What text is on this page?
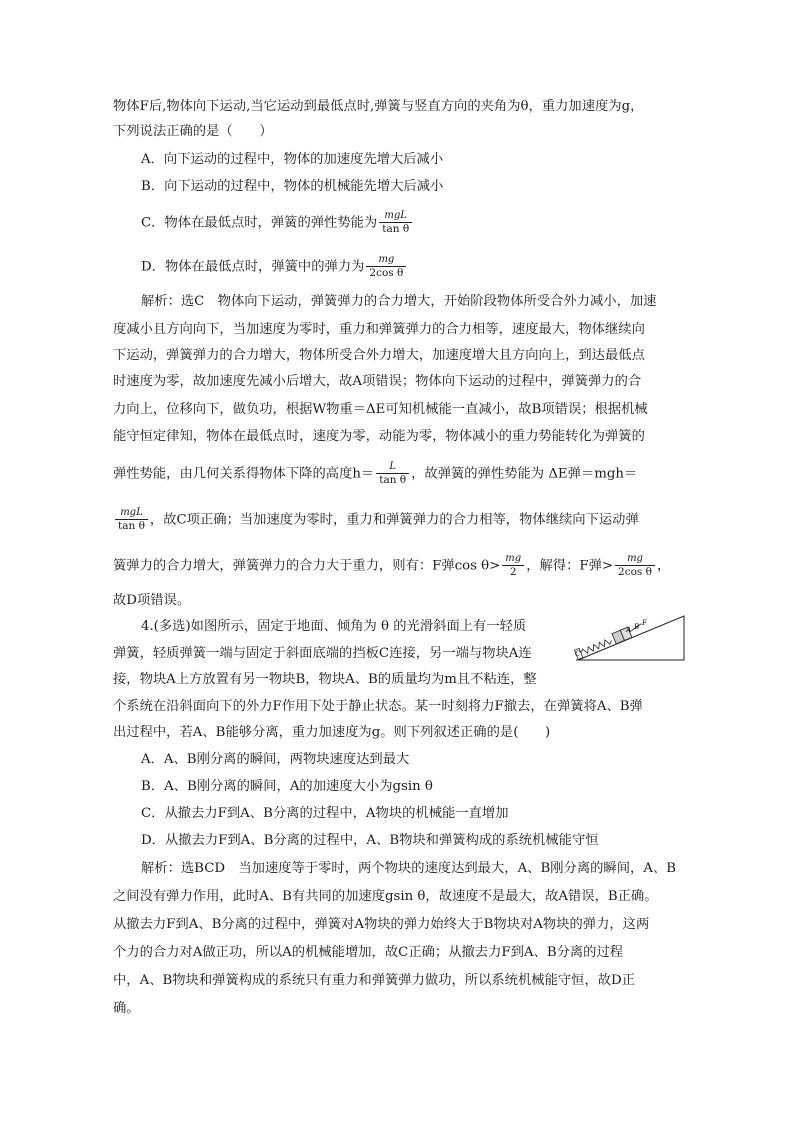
物体F后,物体向下运动,当它运动到最低点时,弹簧与竖直方向的夹角为θ，重力加速度为g，
下列说法正确的是（　　）
A．向下运动的过程中，物体的加速度先增大后减小
B．向下运动的过程中，物体的机械能先增大后减小
C．物体在最低点时，弹簧的弹性势能为 $\frac{\text{mgL}}{\text{tan θ}}$
D．物体在最低点时，弹簧中的弹力为 $\frac{mg}{\text{2cos θ}}$
解析：选C　物体向下运动，弹簧弹力的合力增大，开始阶段物体所受合外力减小，加速
度减小且方向向下，当加速度为零时，重力和弹簧弹力的合力相等，速度最大，物体继续向
下运动，弹簧弹力的合力增大，物体所受合外力增大，加速度增大且方向向上，到达最低点
时速度为零，故加速度先减小后增大，故A项错误；物体向下运动的过程中，弹簧弹力的合
力向上，位移向下，做负功，根据W物重＝ΔE可知机械能一直减小，故B项错误；根据机械
能守恒定律知，物体在最低点时，速度为零，动能为零，物体减小的重力势能转化为弹簧的
弹性势能，由几何关系得物体下降的高度$h= \frac{L}{\text{tan θ}}$ ，故弹簧的弹性势能为 ΔE弹＝mgh＝
$\frac{\text{mgL}}{\text{tan θ}}$ ，故C项正确；当加速度为零时，重力和弹簧弹力的合力相等，物体继续向下运动弹
簧弹力的合力增大，弹簧弹力的合力大于重力，则有：F弹$\cos \theta> \frac{mg}{2}$ ，解得：F弹> $\frac{mg}{\text{2cos θ}}$ ，
故D项错误。
4.(多选)如图所示，固定于地面、倾角为 θ 的光滑斜面上有一轻质
弹簧，轻质弹簧一端与固定于斜面底端的挡板C连接，另一端与物块A连
接，物块A上方放置有另一物块B，物块A、B的质量均为m且不粘连，整
个系统在沿斜面向下的外力F作用下处于静止状态。某一时刻将力F撤去，在弹簧将A、B弹
出过程中，若A、B能够分离，重力加速度为g。则下列叙述正确的是(　　)
A．A、B刚分离的瞬间，两物块速度达到最大
B．A、B刚分离的瞬间，A的加速度大小为gsin θ
C．从撤去力F到A、B分离的过程中，A物块的机械能一直增加
D．从撤去力F到A、B分离的过程中，A、B物块和弹簧构成的系统机械能守恒
解析：选BCD　当加速度等于零时，两个物块的速度达到最大，A、B刚分离的瞬间，A、B
之间没有弹力作用，此时A、B有共同的加速度gsin θ，故速度不是最大，故A错误，B正确。
从撤去力F到A、B分离的过程中，弹簧对A物块的弹力始终大于B物块对A物块的弹力，这两
个力的合力对A做正功，所以A的机械能增加，故C正确；从撤去力F到A、B分离的过程
中，A、B物块和弹簧构成的系统只有重力和弹簧弹力做功，所以系统机械能守恒，故D正
确。
A B F
C
